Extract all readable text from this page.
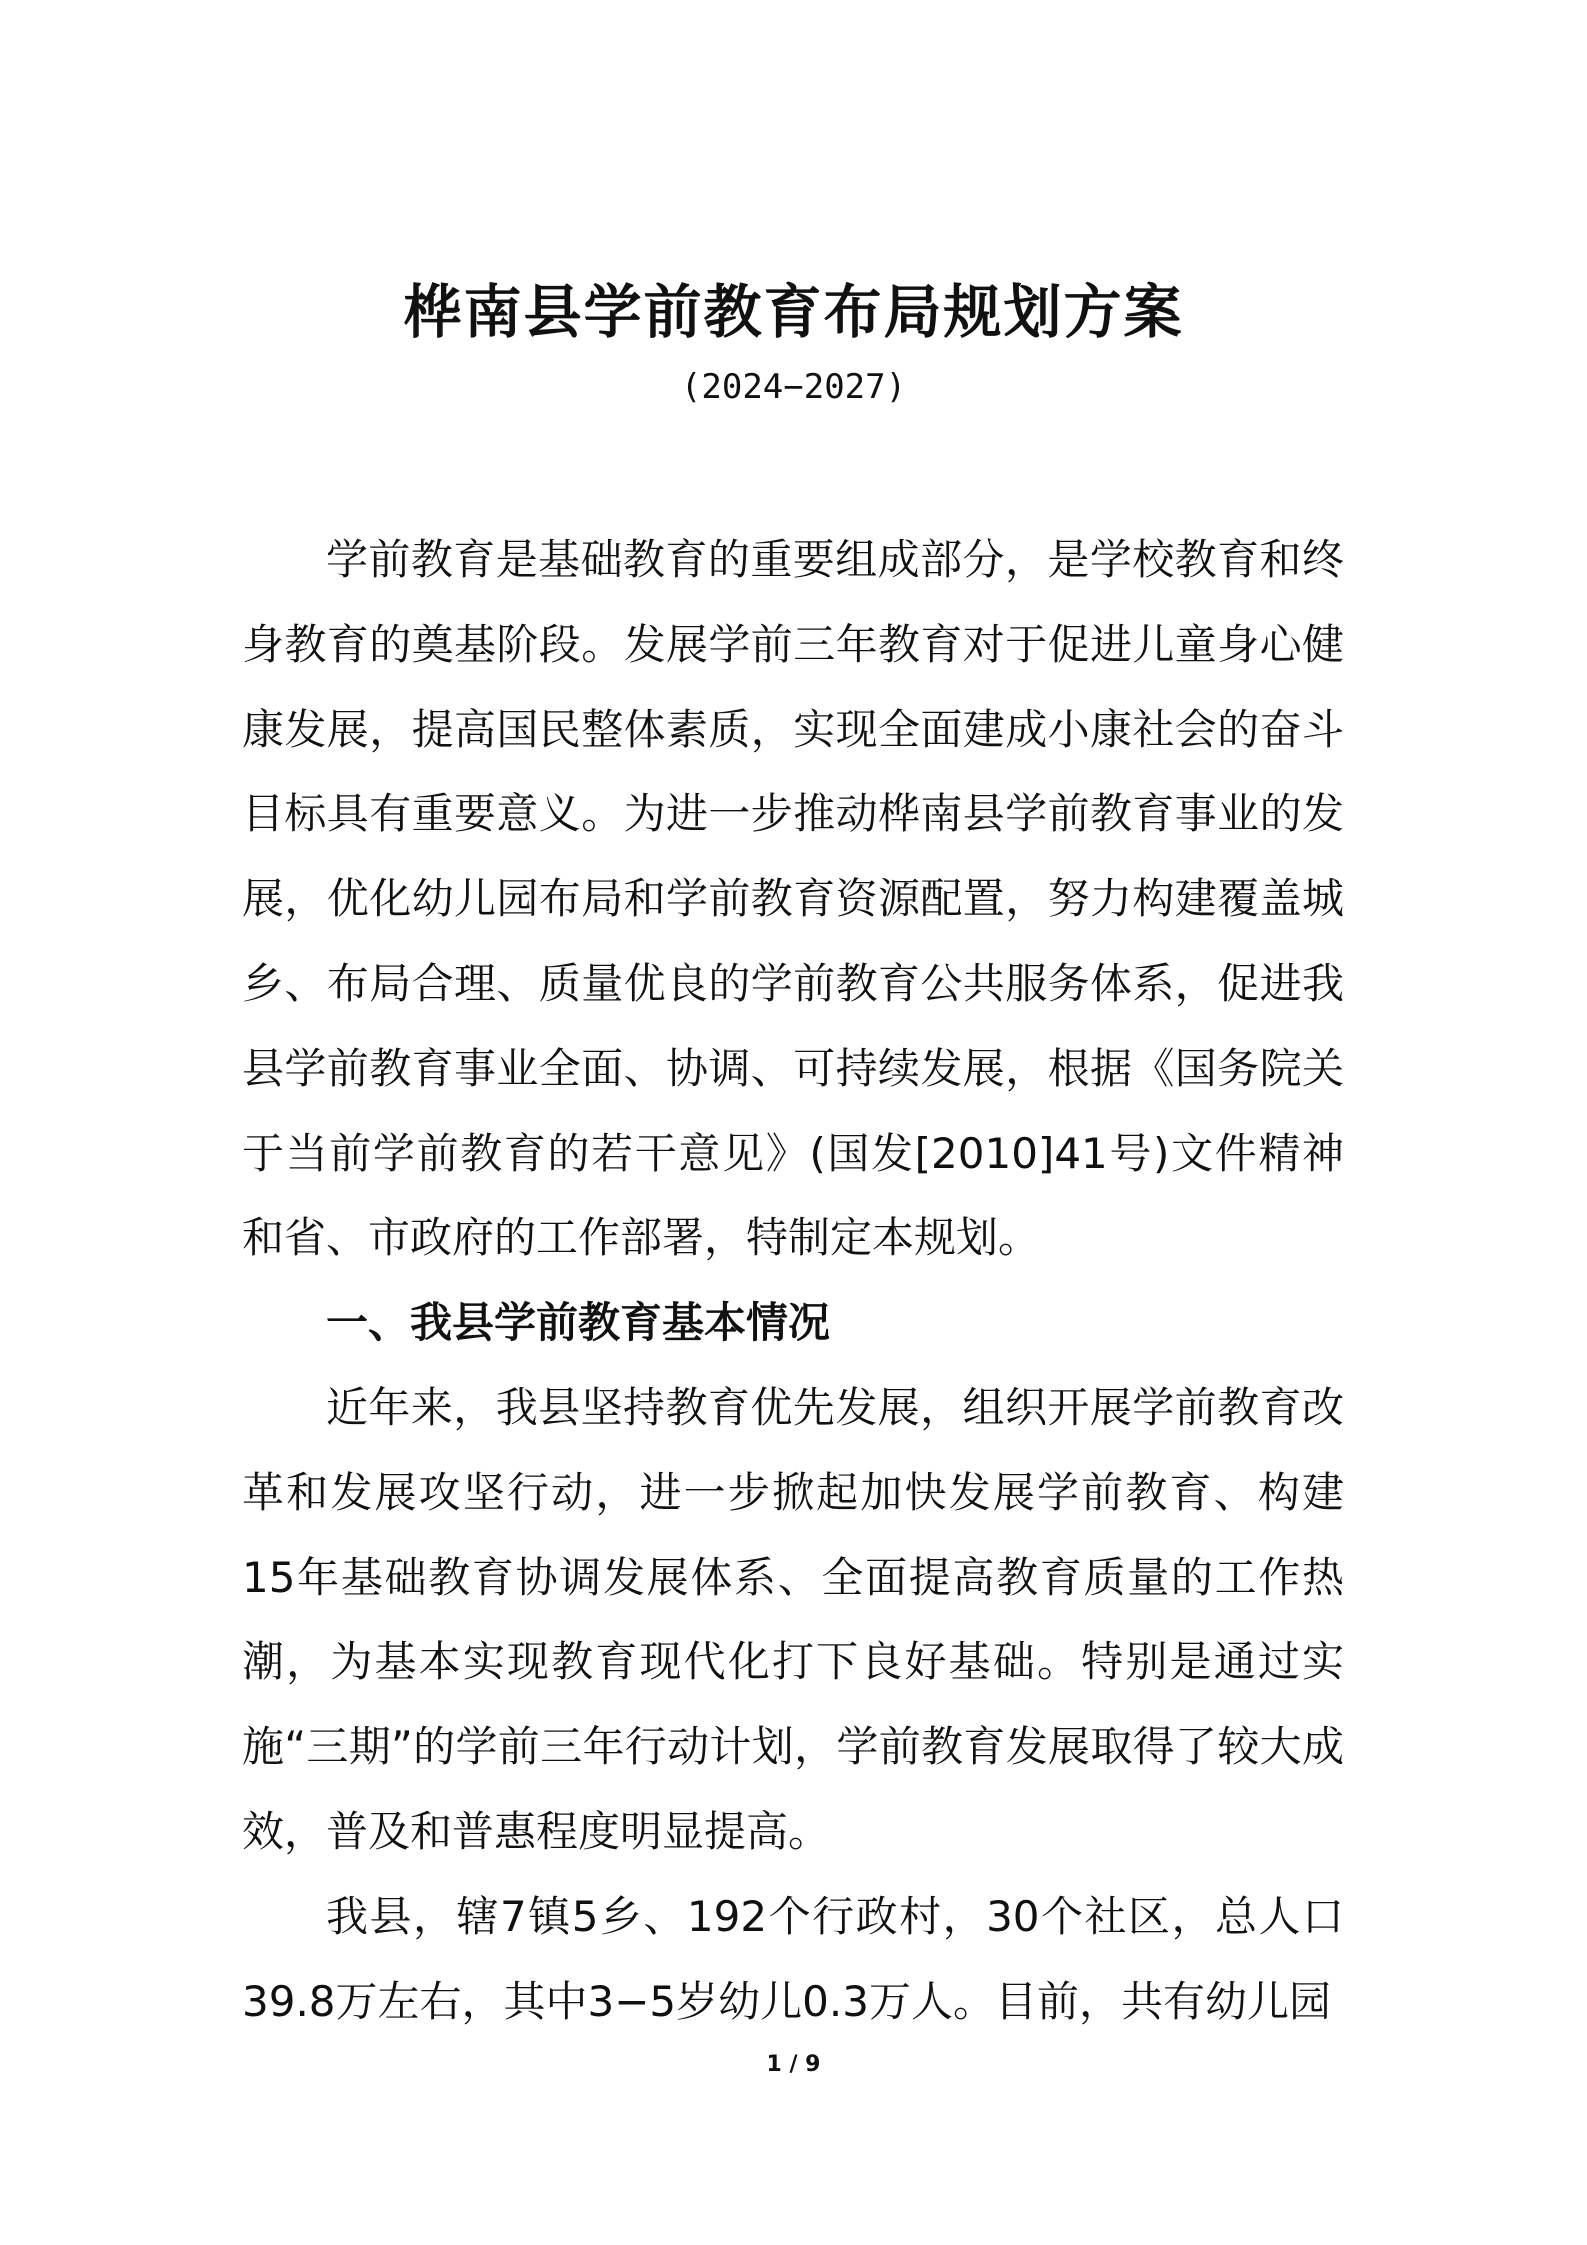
桦南县学前教育布局规划方案
(2024−2027)

学前教育是基础教育的重要组成部分，是学校教育和终身教育的奠基阶段。发展学前三年教育对于促进儿童身心健康发展，提高国民整体素质，实现全面建成小康社会的奋斗目标具有重要意义。为进一步推动桦南县学前教育事业的发展，优化幼儿园布局和学前教育资源配置，努力构建覆盖城乡、布局合理、质量优良的学前教育公共服务体系，促进我县学前教育事业全面、协调、可持续发展，根据《国务院关于当前学前教育的若干意见》(国发[2010]41号)文件精神和省、市政府的工作部署，特制定本规划。

一、我县学前教育基本情况

近年来，我县坚持教育优先发展，组织开展学前教育改革和发展攻坚行动，进一步掀起加快发展学前教育、构建15年基础教育协调发展体系、全面提高教育质量的工作热潮，为基本实现教育现代化打下良好基础。特别是通过实施“三期”的学前三年行动计划，学前教育发展取得了较大成效，普及和普惠程度明显提高。

我县，辖7镇5乡、192个行政村，30个社区，总人口39.8万左右，其中3−5岁幼儿0.3万人。目前，共有幼儿园

1 / 9
